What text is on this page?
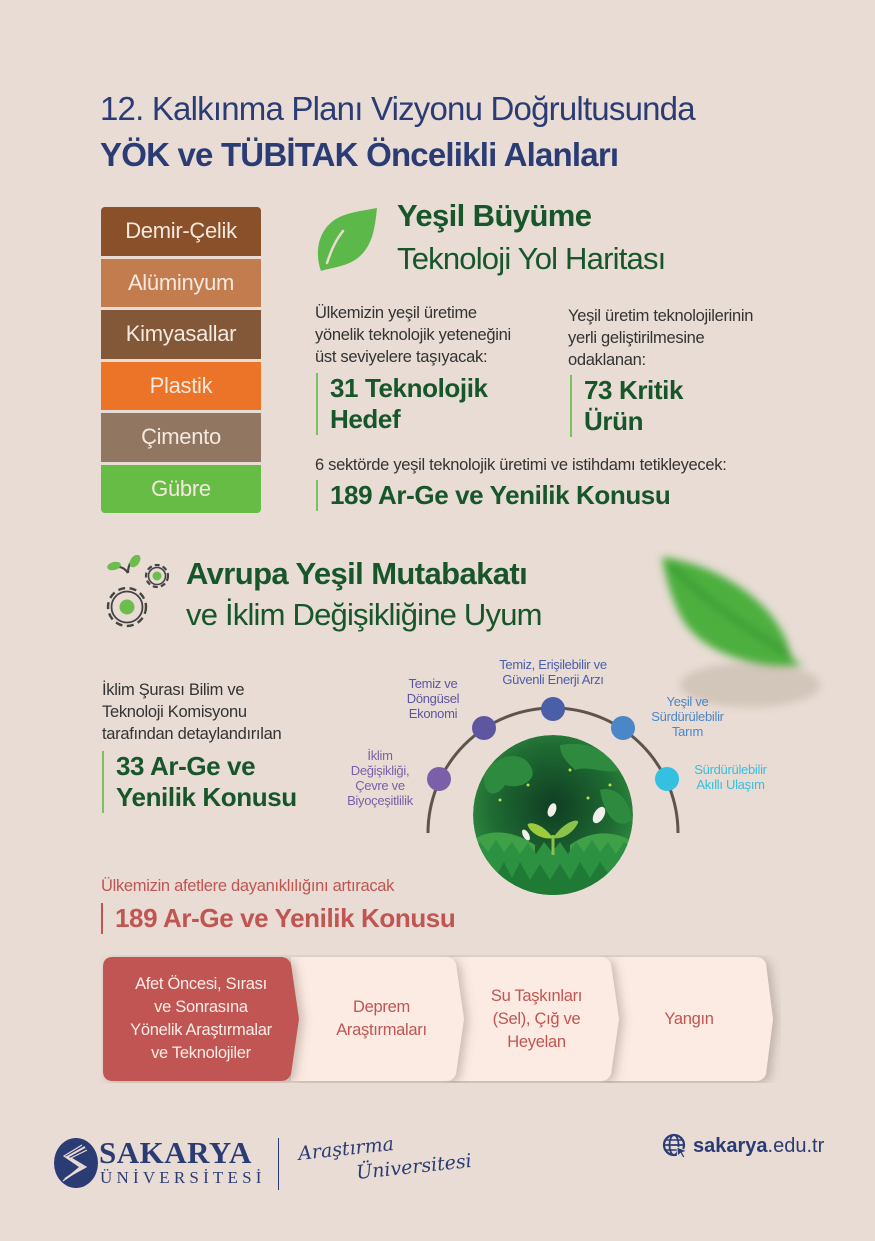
12. Kalkınma Planı Vizyonu Doğrultusunda
YÖK ve TÜBİTAK Öncelikli Alanları
Demir-Çelik
Alüminyum
Kimyasallar
Plastik
Çimento
Gübre
Yeşil Büyüme
Teknoloji Yol Haritası
Ülkemizin yeşil üretime
yönelik teknolojik yeteneğini
üst seviyelere taşıyacak:
31 Teknolojik
Hedef
Yeşil üretim teknolojilerinin
yerli geliştirilmesine
odaklanan:
73 Kritik
Ürün
6 sektörde yeşil teknolojik üretimi ve istihdamı tetikleyecek:
189 Ar-Ge ve Yenilik Konusu
Avrupa Yeşil Mutabakatı
ve İklim Değişikliğine Uyum
İklim Şurası Bilim ve
Teknoloji Komisyonu
tarafından detaylandırılan
33 Ar-Ge ve
Yenilik Konusu
İklim
Değişikliği,
Çevre ve
Biyoçeşitlilik
Temiz ve
Döngüsel
Ekonomi
Temiz, Erişilebilir ve
Güvenli Enerji Arzı
Yeşil ve
Sürdürülebilir
Tarım
Sürdürülebilir
Akıllı Ulaşım
Ülkemizin afetlere dayanıklılığını artıracak
189 Ar-Ge ve Yenilik Konusu
Afet Öncesi, Sırası
ve Sonrasına
Yönelik Araştırmalar
ve Teknolojiler
Deprem
Araştırmaları
Su Taşkınları
(Sel), Çığ ve
Heyelan
Yangın
SAKARYA
ÜNİVERSİTESİ
Araştırma
Üniversitesi
sakarya.edu.tr
